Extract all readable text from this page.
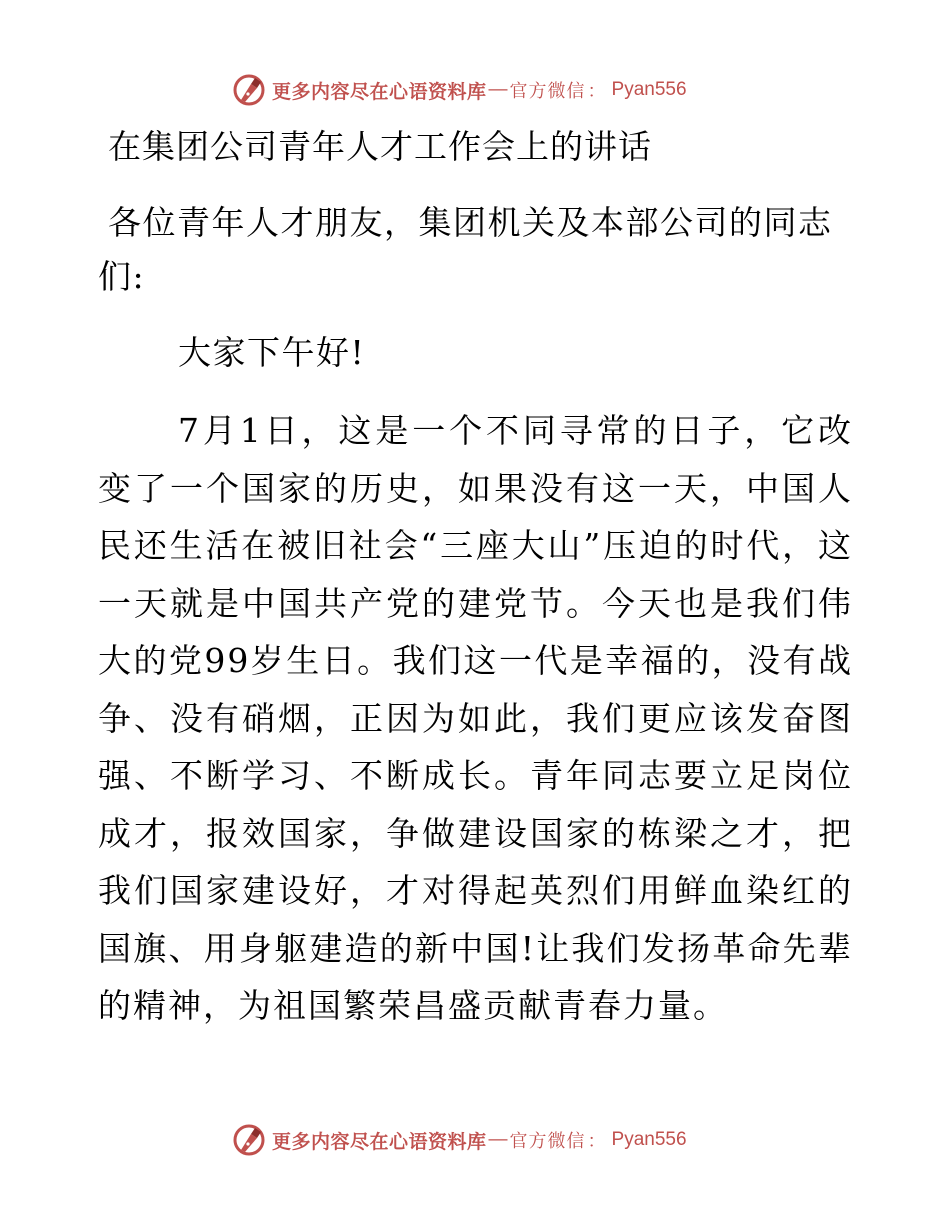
更多内容尽在心语资料库 — 官方微信 ： Pyan556
在集团公司青年人才工作会上的讲话

各位青年人才朋友，集团机关及本部公司的同志们:

大家下午好!

7月1日，这是一个不同寻常的日子，它改变了一个国家的历史，如果没有这一天，中国人民还生活在被旧社会“三座大山”压迫的时代，这一天就是中国共产党的建党节。今天也是我们伟大的党99岁生日。我们这一代是幸福的，没有战争、没有硝烟，正因为如此，我们更应该发奋图强、不断学习、不断成长。青年同志要立足岗位成才，报效国家，争做建设国家的栋梁之才，把我们国家建设好，才对得起英烈们用鲜血染红的国旗、用身躯建造的新中国!让我们发扬革命先辈的精神，为祖国繁荣昌盛贡献青春力量。

更多内容尽在心语资料库 — 官方微信 ： Pyan556
